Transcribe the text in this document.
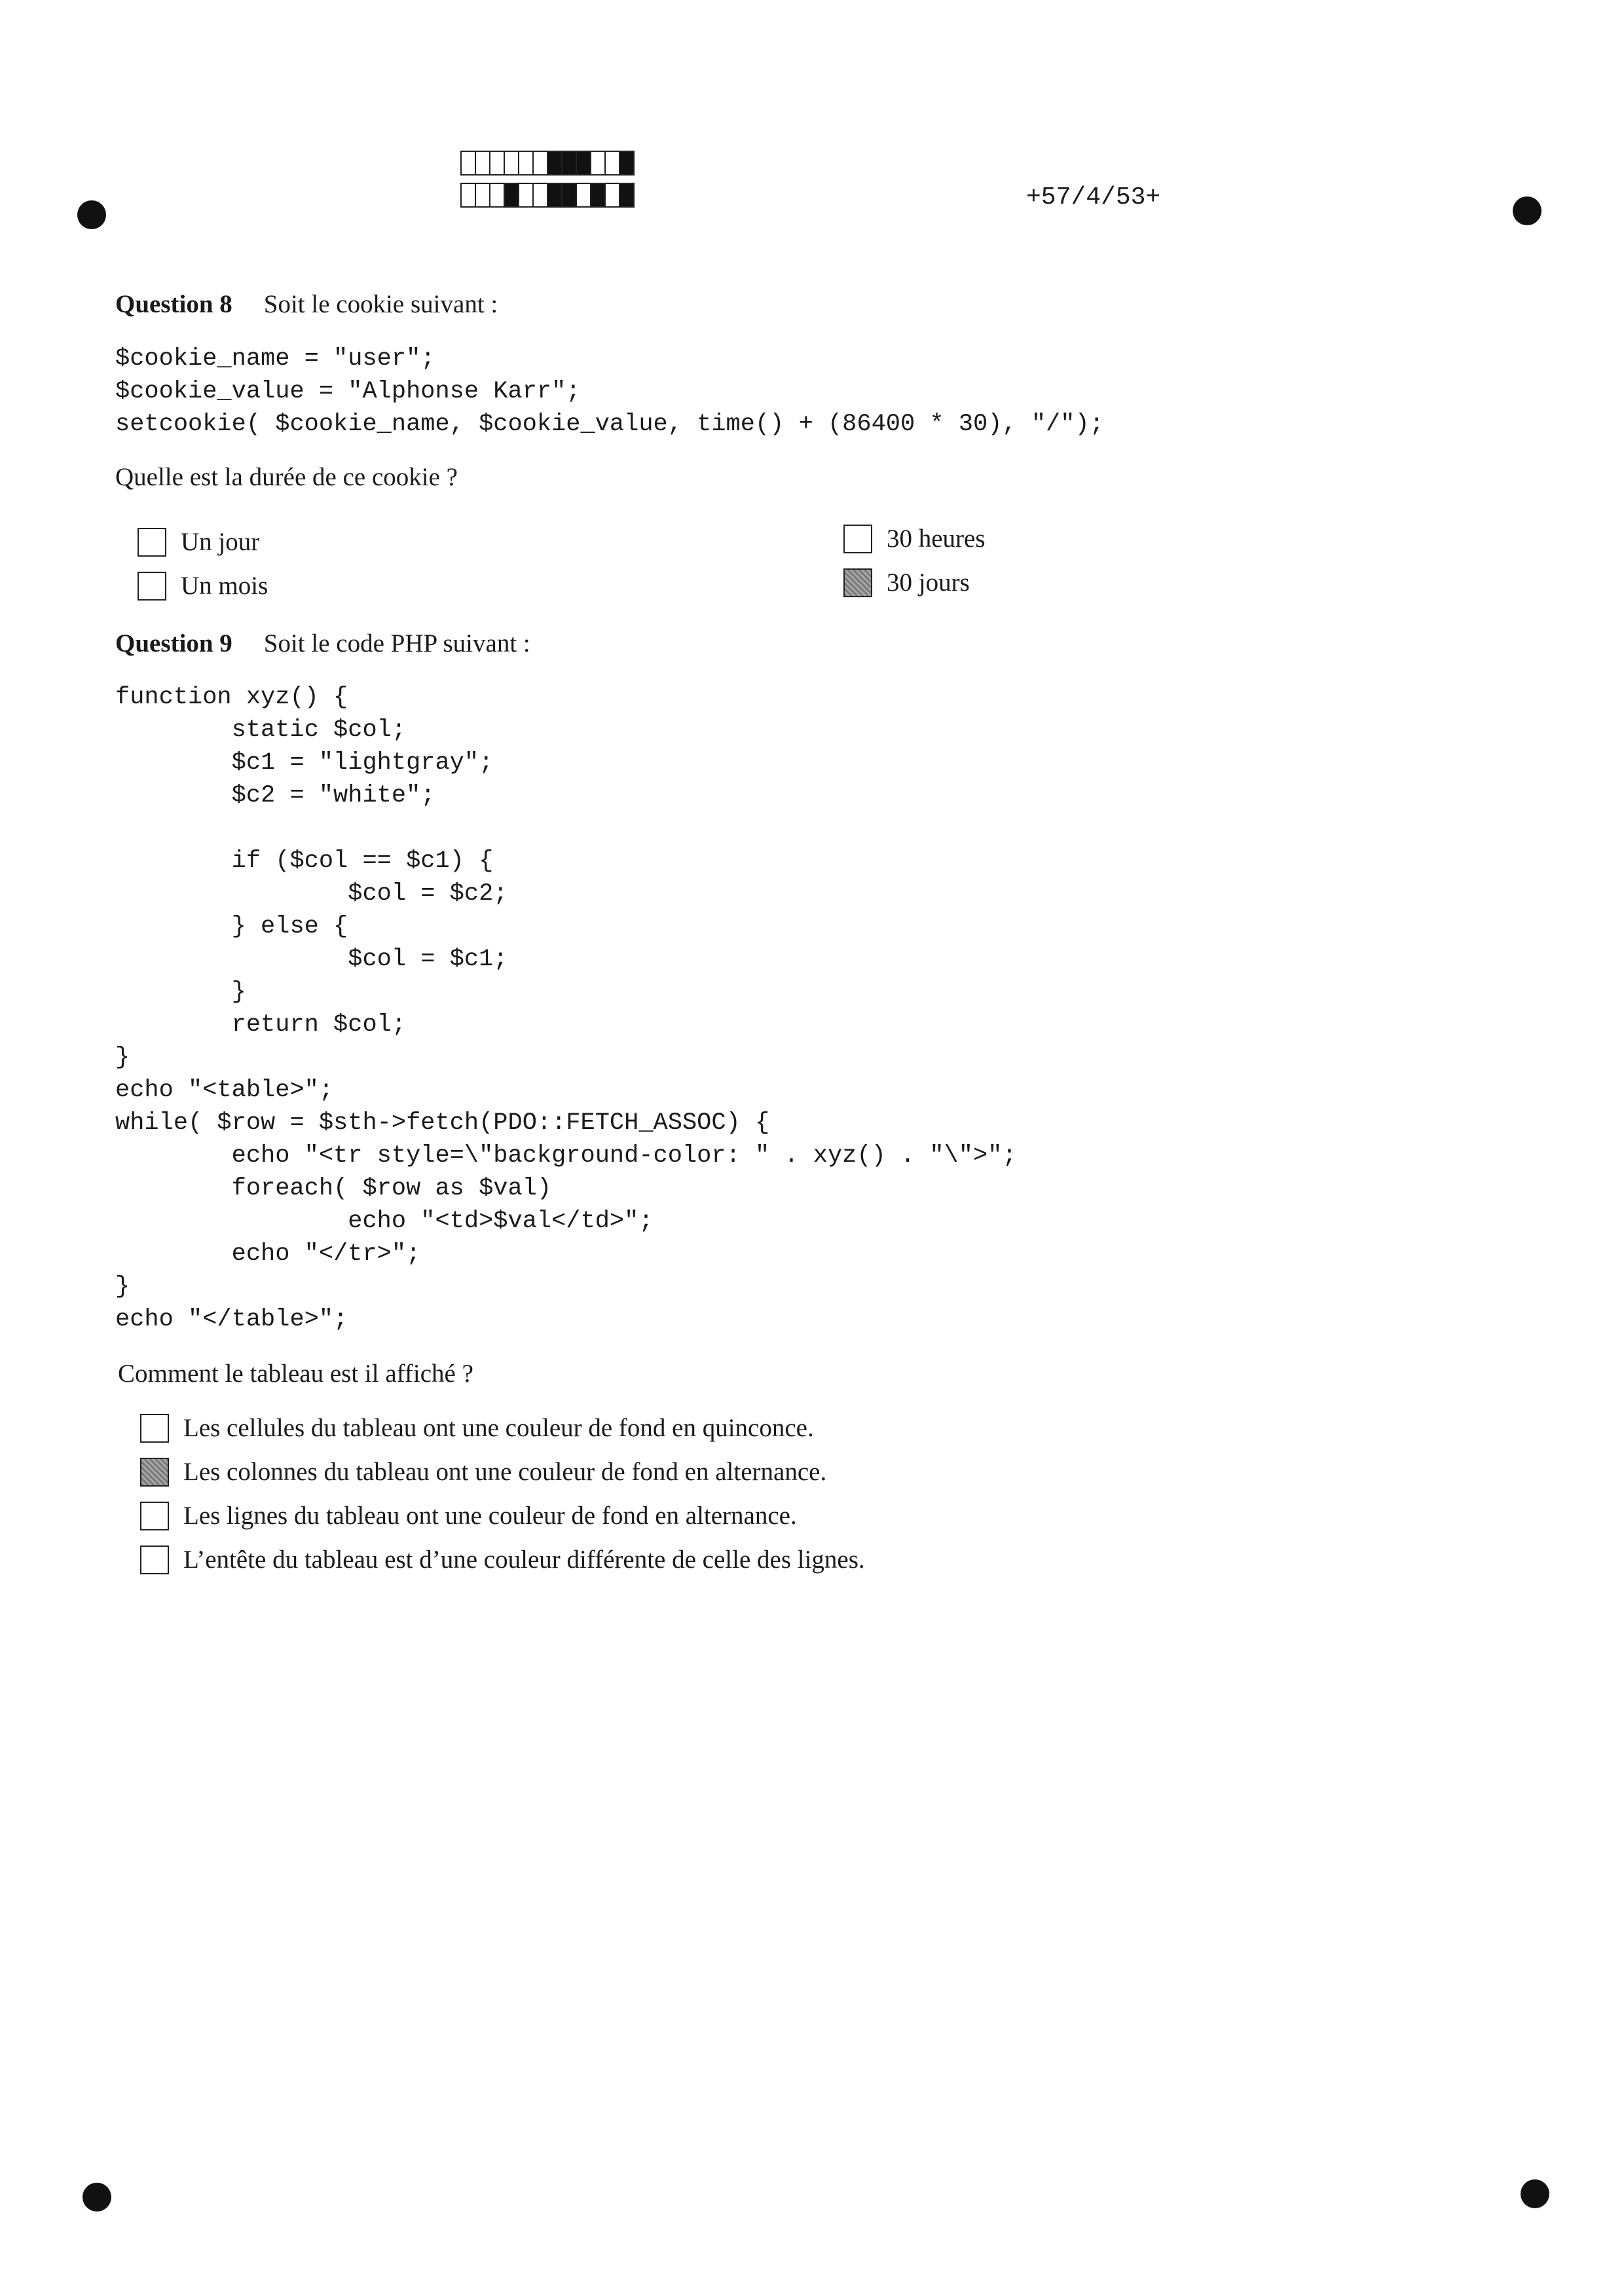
+57/4/53+
Question 8 Soit le cookie suivant :
$cookie_name = "user";
$cookie_value = "Alphonse Karr";
setcookie( $cookie_name, $cookie_value, time() + (86400 * 30), "/");
Quelle est la durée de ce cookie ?
Un jour
Un mois
30 heures
30 jours
Question 9 Soit le code PHP suivant :
function xyz() {
static $col;
$c1 = "lightgray";
$c2 = "white";

if ($col == $c1) {
$col = $c2;
} else {
$col = $c1;
}
return $col;
}
echo "<table>";
while( $row = $sth->fetch(PDO::FETCH_ASSOC) {
echo "<tr style=\"background-color: " . xyz() . "\">";
foreach( $row as $val)
echo "<td>$val</td>";
echo "</tr>";
}
echo "</table>";
Comment le tableau est il affiché ?
Les cellules du tableau ont une couleur de fond en quinconce.
Les colonnes du tableau ont une couleur de fond en alternance.
Les lignes du tableau ont une couleur de fond en alternance.
L’entête du tableau est d’une couleur différente de celle des lignes.
